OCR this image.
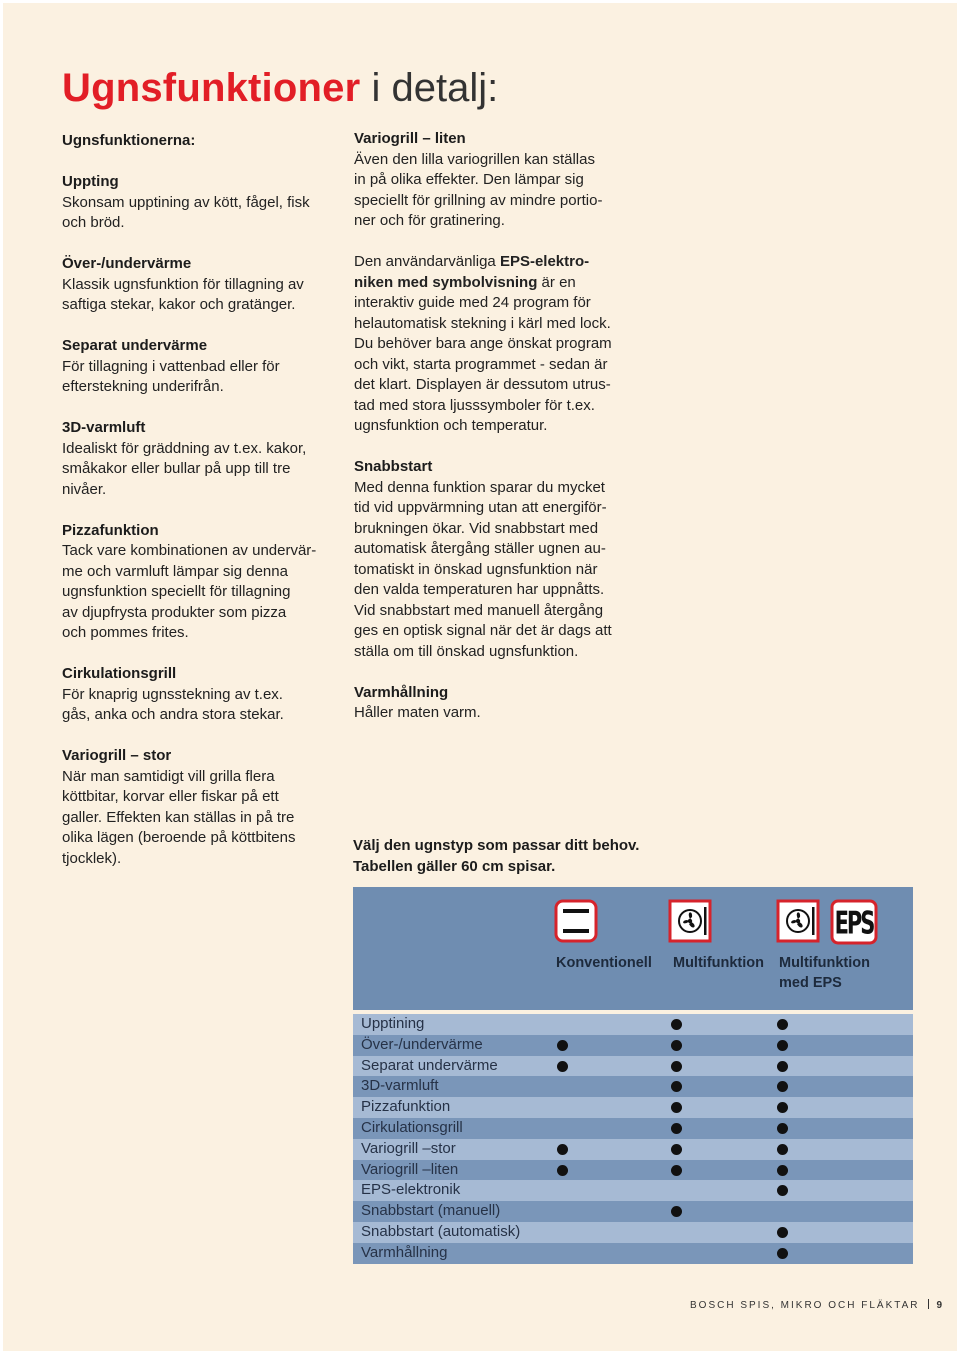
Ugnsfunktioner i detalj:

Ugnsfunktionerna:

Uppting

Skonsam upptining av kött, fågel, fisk

och bröd.

Över-/undervärme

Klassik ugnsfunktion för tillagning av

saftiga stekar, kakor och gratänger.

Separat undervärme

För tillagning i vattenbad eller för

efterstekning underifrån.

3D-varmluft

Idealiskt för gräddning av t.ex. kakor,

småkakor eller bullar på upp till tre

nivåer.

Pizzafunktion

Tack vare kombinationen av undervär-

me och varmluft lämpar sig denna

ugnsfunktion speciellt för tillagning

av djupfrysta produkter som pizza

och pommes frites.

Cirkulationsgrill

För knaprig ugnsstekning av t.ex.

gås, anka och andra stora stekar.

Variogrill – stor

När man samtidigt vill grilla flera

köttbitar, korvar eller fiskar på ett

galler. Effekten kan ställas in på tre

olika lägen (beroende på köttbitens

tjocklek).

Variogrill – liten

Även den lilla variogrillen kan ställas

in på olika effekter. Den lämpar sig

speciellt för grillning av mindre portio-

ner och för gratinering.

Den användarvänliga EPS-elektro-

niken med symbolvisning är en

interaktiv guide med 24 program för

helautomatisk stekning i kärl med lock.

Du behöver bara ange önskat program

och vikt, starta programmet - sedan är

det klart. Displayen är dessutom utrus-

tad med stora ljusssymboler för t.ex.

ugnsfunktion och temperatur.

Snabbstart

Med denna funktion sparar du mycket

tid vid uppvärmning utan att energiför-

brukningen ökar. Vid snabbstart med

automatisk återgång ställer ugnen au-

tomatiskt in önskad ugnsfunktion när

den valda temperaturen har uppnåtts.

Vid snabbstart med manuell återgång

ges en optisk signal när det är dags att

ställa om till önskad ugnsfunktion.

Varmhållning

Håller maten varm.

Välj den ugnstyp som passar ditt behov.

Tabellen gäller 60 cm spisar.

EPS
Konventionell Multifunktion Multifunktion
med EPS
Upptining
Över-/undervärme
Separat undervärme
3D-varmluft
Pizzafunktion
Cirkulationsgrill
Variogrill –stor
Variogrill –liten
EPS-elektronik
Snabbstart (manuell)
Snabbstart (automatisk)
Varmhållning
BOSCH SPIS, MIKRO OCH FLÄKTAR 9
